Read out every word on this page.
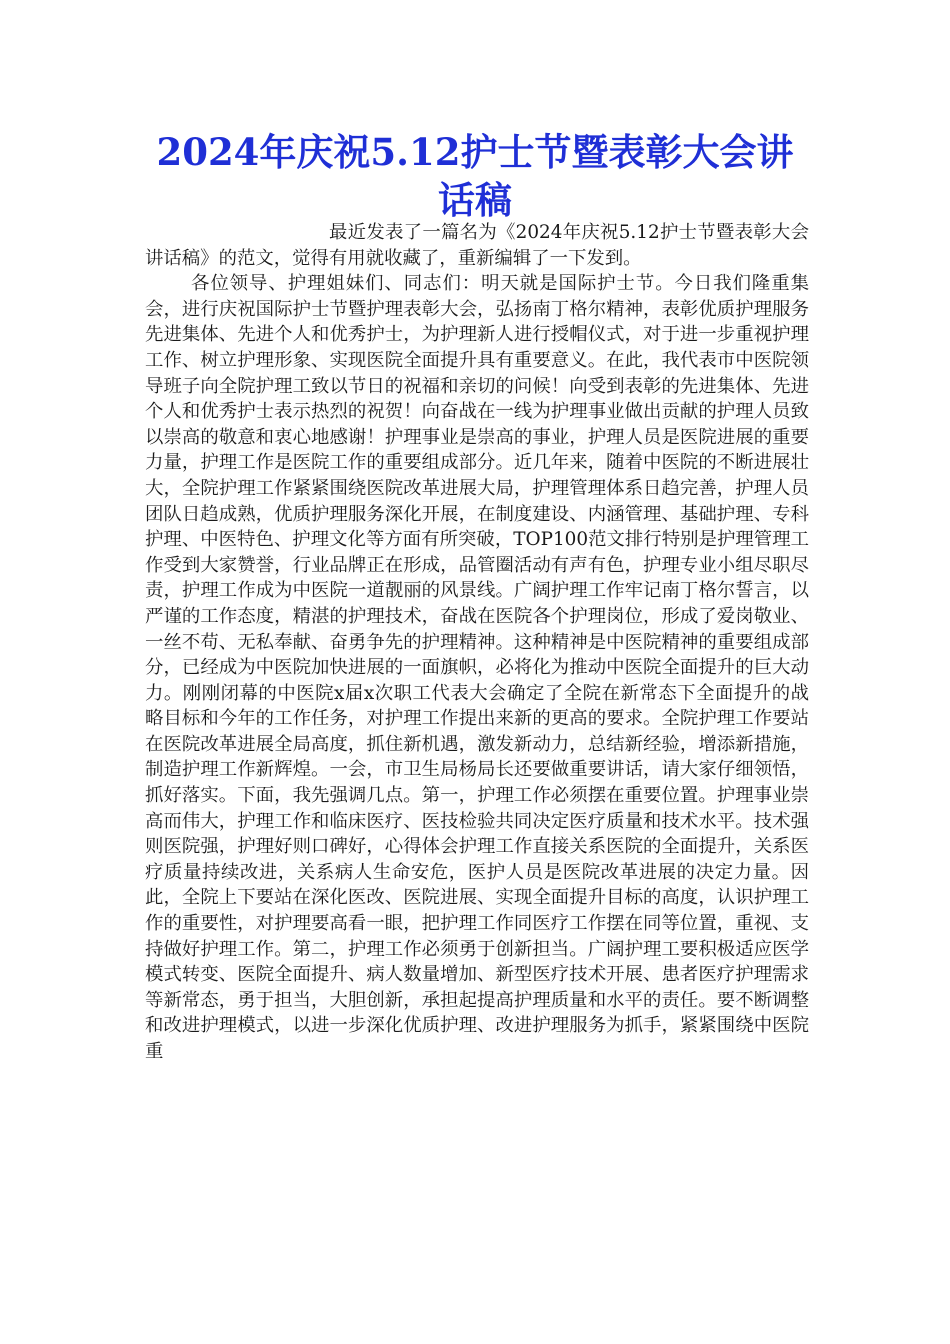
2024年庆祝5.12护士节暨表彰大会讲话稿

最近发表了一篇名为《2024年庆祝5.12护士节暨表彰大会讲话稿》的范文，觉得有用就收藏了，重新编辑了一下发到。

各位领导、护理姐妹们、同志们：明天就是国际护士节。今日我们隆重集会，进行庆祝国际护士节暨护理表彰大会，弘扬南丁格尔精神，表彰优质护理服务先进集体、先进个人和优秀护士，为护理新人进行授帽仪式，对于进一步重视护理工作、树立护理形象、实现医院全面提升具有重要意义。在此，我代表市中医院领导班子向全院护理工致以节日的祝福和亲切的问候！向受到表彰的先进集体、先进个人和优秀护士表示热烈的祝贺！向奋战在一线为护理事业做出贡献的护理人员致以崇高的敬意和衷心地感谢！护理事业是崇高的事业，护理人员是医院进展的重要力量，护理工作是医院工作的重要组成部分。近几年来，随着中医院的不断进展壮大，全院护理工作紧紧围绕医院改革进展大局，护理管理体系日趋完善，护理人员团队日趋成熟，优质护理服务深化开展，在制度建设、内涵管理、基础护理、专科护理、中医特色、护理文化等方面有所突破，TOP100范文排行特别是护理管理工作受到大家赞誉，行业品牌正在形成，品管圈活动有声有色，护理专业小组尽职尽责，护理工作成为中医院一道靓丽的风景线。广阔护理工作牢记南丁格尔誓言，以严谨的工作态度，精湛的护理技术，奋战在医院各个护理岗位，形成了爱岗敬业、一丝不苟、无私奉献、奋勇争先的护理精神。这种精神是中医院精神的重要组成部分，已经成为中医院加快进展的一面旗帜，必将化为推动中医院全面提升的巨大动力。刚刚闭幕的中医院x届x次职工代表大会确定了全院在新常态下全面提升的战略目标和今年的工作任务，对护理工作提出来新的更高的要求。全院护理工作要站在医院改革进展全局高度，抓住新机遇，激发新动力，总结新经验，增添新措施，制造护理工作新辉煌。一会，市卫生局杨局长还要做重要讲话，请大家仔细领悟，抓好落实。下面，我先强调几点。第一，护理工作必须摆在重要位置。护理事业崇高而伟大，护理工作和临床医疗、医技检验共同决定医疗质量和技术水平。技术强则医院强，护理好则口碑好，心得体会护理工作直接关系医院的全面提升，关系医疗质量持续改进，关系病人生命安危，医护人员是医院改革进展的决定力量。因此，全院上下要站在深化医改、医院进展、实现全面提升目标的高度，认识护理工作的重要性，对护理要高看一眼，把护理工作同医疗工作摆在同等位置，重视、支持做好护理工作。第二，护理工作必须勇于创新担当。广阔护理工要积极适应医学模式转变、医院全面提升、病人数量增加、新型医疗技术开展、患者医疗护理需求等新常态，勇于担当，大胆创新，承担起提高护理质量和水平的责任。要不断调整和改进护理模式，以进一步深化优质护理、改进护理服务为抓手，紧紧围绕中医院重
